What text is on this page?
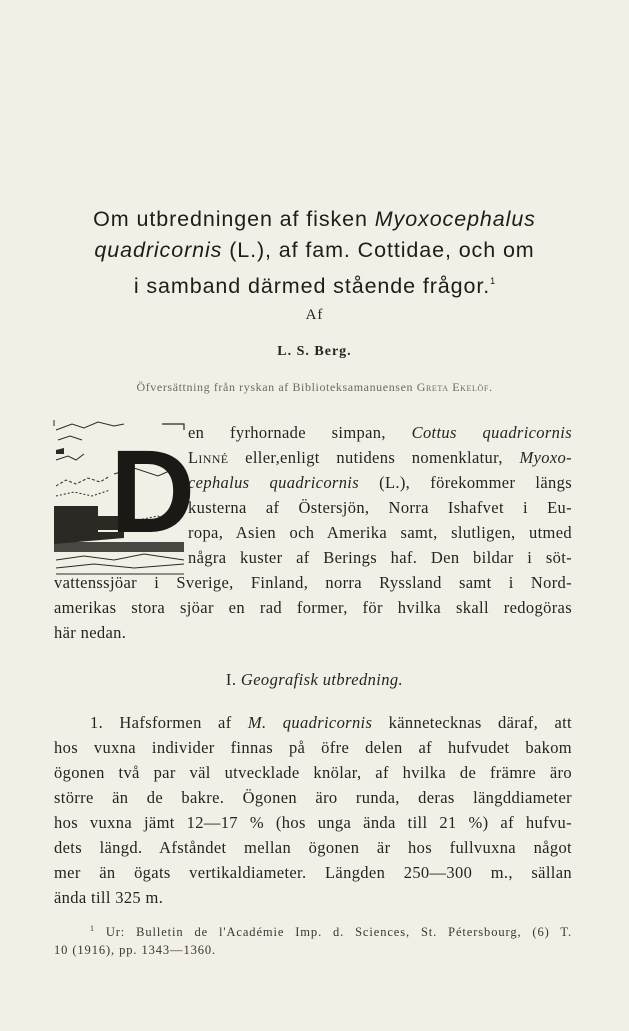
Om utbredningen af fisken Myoxocephalus
quadricornis (L.), af fam. Cottidae, och om
i samband därmed stående frågor.$^1$
Af
L. S. Berg.
Öfversättning från ryskan af Biblioteksamanuensen Greta Ekelöf.
D
en fyrhornade simpan, Cottus quadricornis
Linné eller,enligt nutidens nomenklatur, Myoxo-
cephalus quadricornis (L.), förekommer längs
kusterna af Östersjön, Norra Ishafvet i Eu-
ropa, Asien och Amerika samt, slutligen, utmed
några kuster af Berings haf. Den bildar i söt-
vattenssjöar i Sverige, Finland, norra Ryssland samt i Nord-
amerikas stora sjöar en rad former, för hvilka skall redogöras
här nedan.
I. Geografisk utbredning.
1. Hafsformen af M. quadricornis kännetecknas däraf, att
hos vuxna individer finnas på öfre delen af hufvudet bakom
ögonen två par väl utvecklade knölar, af hvilka de främre äro
större än de bakre. Ögonen äro runda, deras längddiameter
hos vuxna jämt 12—17 % (hos unga ända till 21 %) af hufvu-
dets längd. Afståndet mellan ögonen är hos fullvuxna något
mer än ögats vertikaldiameter. Längden 250—300 m., sällan
ända till 325 m.
$^1$ Ur: Bulletin de l'Académie Imp. d. Sciences, St. Pétersbourg, (6) T.
10 (1916), pp. 1343—1360.
